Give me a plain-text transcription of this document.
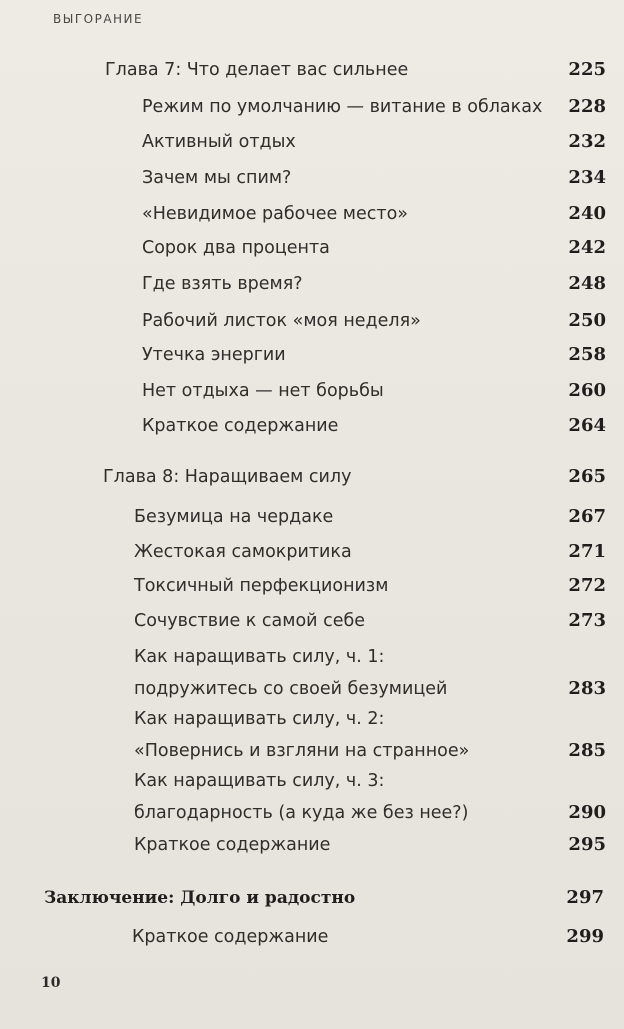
ВЫГОРАНИЕ
Глава 7: Что делает вас сильнее	225
Режим по умолчанию — витание в облаках 228
Активный отдых	232
Зачем мы спим?	234
«Невидимое рабочее место»	240
Сорок два процента	242
Где взять время?	248
Рабочий листок «моя неделя»	250
Утечка энергии	258
Нет отдыха — нет борьбы	260
Краткое содержание	264
Глава 8: Наращиваем силу	265
Безумица на чердаке	267
Жестокая самокритика	271
Токсичный перфекционизм	272
Сочувствие к самой себе	273
Как наращивать силу, ч. 1:
подружитесь со своей безумицей	283
Как наращивать силу, ч. 2:
«Повернись и взгляни на странное»	285
Как наращивать силу, ч. 3:
благодарность (а куда же без нее?)	290
Краткое содержание	295
Заключение: Долго и радостно	297
Краткое содержание	299
10
